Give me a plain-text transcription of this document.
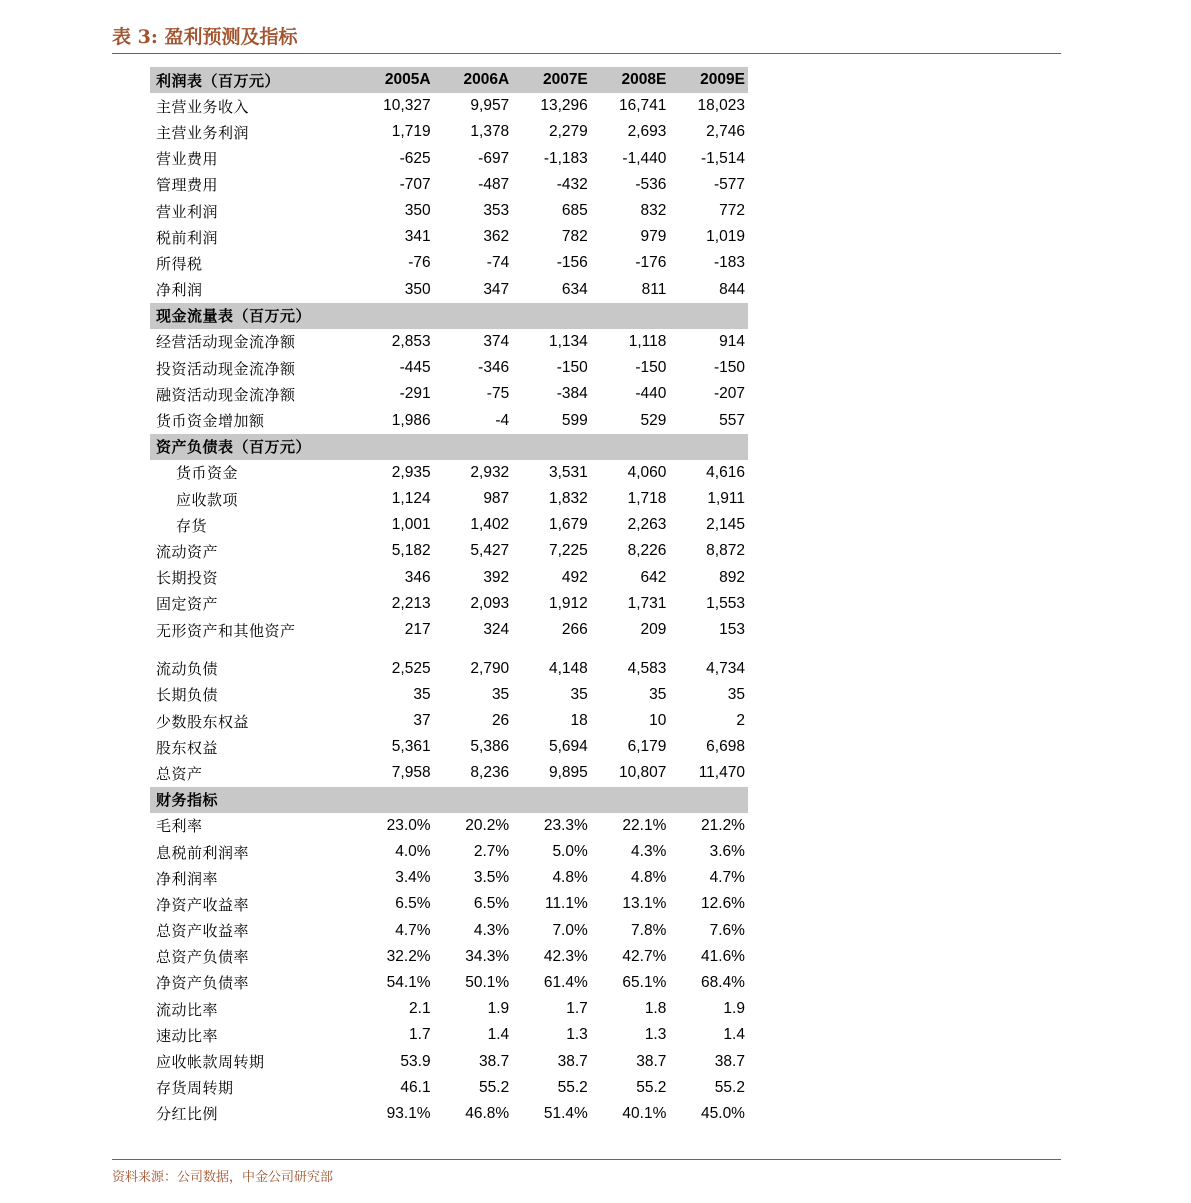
表 3: 盈利预测及指标
利润表（百万元）	2005A	2006A	2007E	2008E	2009E
主营业务收入	10,327	9,957	13,296	16,741	18,023
主营业务利润	1,719	1,378	2,279	2,693	2,746
营业费用	-625	-697	-1,183	-1,440	-1,514
管理费用	-707	-487	-432	-536	-577
营业利润	350	353	685	832	772
税前利润	341	362	782	979	1,019
所得税	-76	-74	-156	-176	-183
净利润	350	347	634	811	844
现金流量表（百万元）
经营活动现金流净额	2,853	374	1,134	1,118	914
投资活动现金流净额	-445	-346	-150	-150	-150
融资活动现金流净额	-291	-75	-384	-440	-207
货币资金增加额	1,986	-4	599	529	557
资产负债表（百万元）
货币资金	2,935	2,932	3,531	4,060	4,616
应收款项	1,124	987	1,832	1,718	1,911
存货	1,001	1,402	1,679	2,263	2,145
流动资产	5,182	5,427	7,225	8,226	8,872
长期投资	346	392	492	642	892
固定资产	2,213	2,093	1,912	1,731	1,553
无形资产和其他资产	217	324	266	209	153
流动负债	2,525	2,790	4,148	4,583	4,734
长期负债	35	35	35	35	35
少数股东权益	37	26	18	10	2
股东权益	5,361	5,386	5,694	6,179	6,698
总资产	7,958	8,236	9,895	10,807	11,470
财务指标
毛利率	23.0%	20.2%	23.3%	22.1%	21.2%
息税前利润率	4.0%	2.7%	5.0%	4.3%	3.6%
净利润率	3.4%	3.5%	4.8%	4.8%	4.7%
净资产收益率	6.5%	6.5%	11.1%	13.1%	12.6%
总资产收益率	4.7%	4.3%	7.0%	7.8%	7.6%
总资产负债率	32.2%	34.3%	42.3%	42.7%	41.6%
净资产负债率	54.1%	50.1%	61.4%	65.1%	68.4%
流动比率	2.1	1.9	1.7	1.8	1.9
速动比率	1.7	1.4	1.3	1.3	1.4
应收帐款周转期	53.9	38.7	38.7	38.7	38.7
存货周转期	46.1	55.2	55.2	55.2	55.2
分红比例	93.1%	46.8%	51.4%	40.1%	45.0%
资料来源：公司数据，中金公司研究部
